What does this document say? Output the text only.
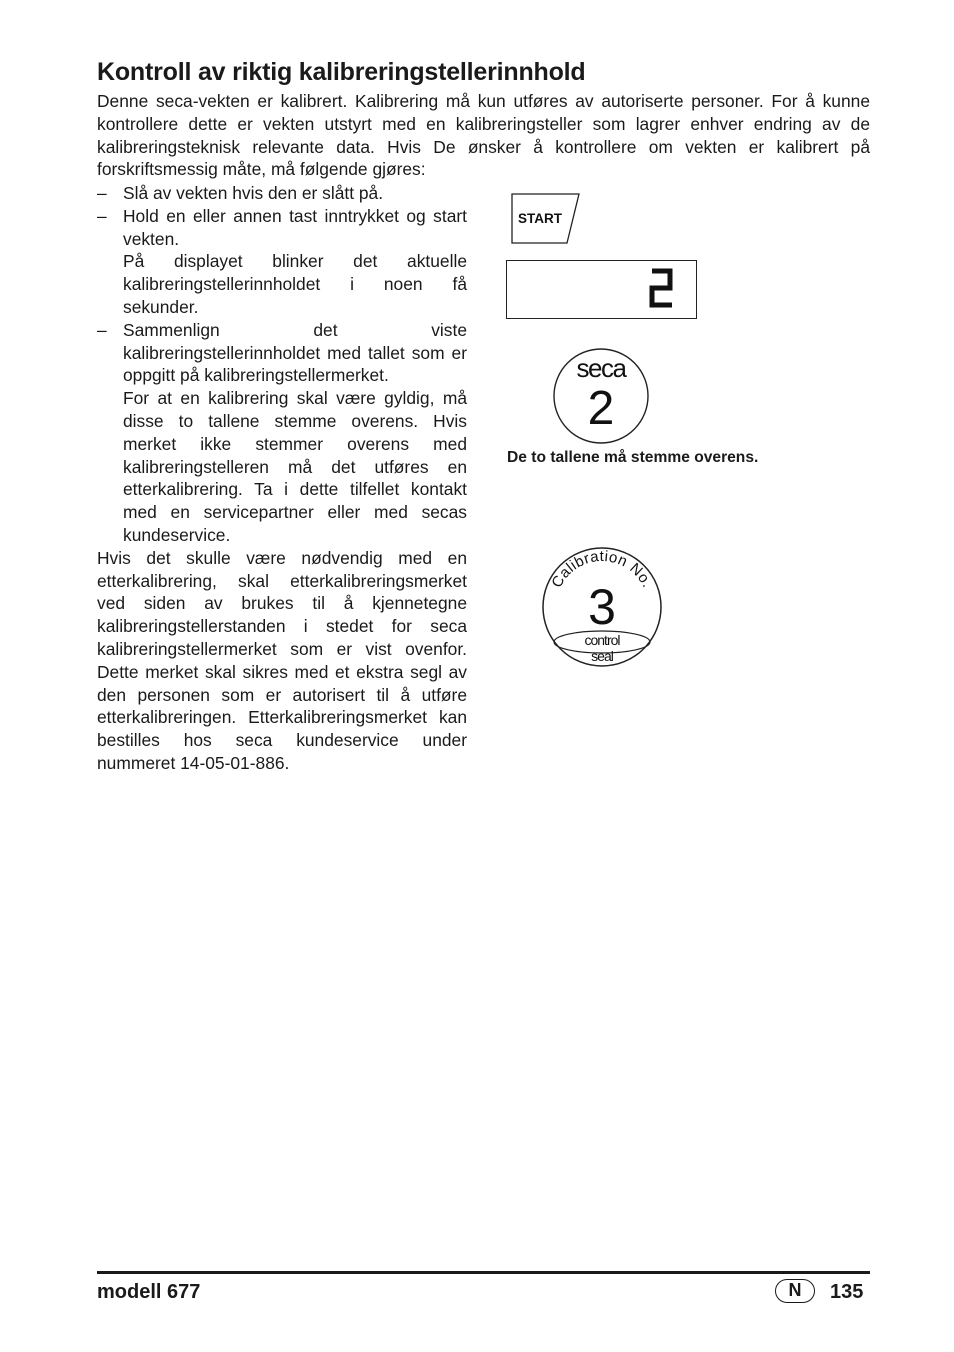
Kontroll av riktig kalibreringstellerinnhold

Denne seca-vekten er kalibrert. Kalibrering må kun utføres av autoriserte personer. For å kunne kontrollere dette er vekten utstyrt med en kalibreringsteller som lagrer enhver endring av de kalibreringsteknisk relevante data. Hvis De ønsker å kontrollere om vekten er kalibrert på forskriftsmessig måte, må følgende gjøres:

– Slå av vekten hvis den er slått på.
– Hold en eller annen tast inntrykket og start vekten.
På displayet blinker det aktuelle kalibreringstellerinnholdet i noen få sekunder.
– Sammenlign det viste kalibreringstellerinnholdet med tallet som er oppgitt på kalibreringstellermerket.
For at en kalibrering skal være gyldig, må disse to tallene stemme overens. Hvis merket ikke stemmer overens med kalibreringstelleren må det utføres en etterkalibrering. Ta i dette tilfellet kontakt med en servicepartner eller med secas kundeservice.
Hvis det skulle være nødvendig med en etterkalibrering, skal etterkalibreringsmerket ved siden av brukes til å kjennetegne kalibreringstellerstanden i stedet for seca kalibreringstellermerket som er vist ovenfor. Dette merket skal sikres med et ekstra segl av den personen som er autorisert til å utføre etterkalibreringen. Etterkalibreringsmerket kan bestilles hos seca kundeservice under nummeret 14-05-01-886.
START
seca
2
De to tallene må stemme overens.
Calibration No.
3
control
seal
modell 677	N	135
